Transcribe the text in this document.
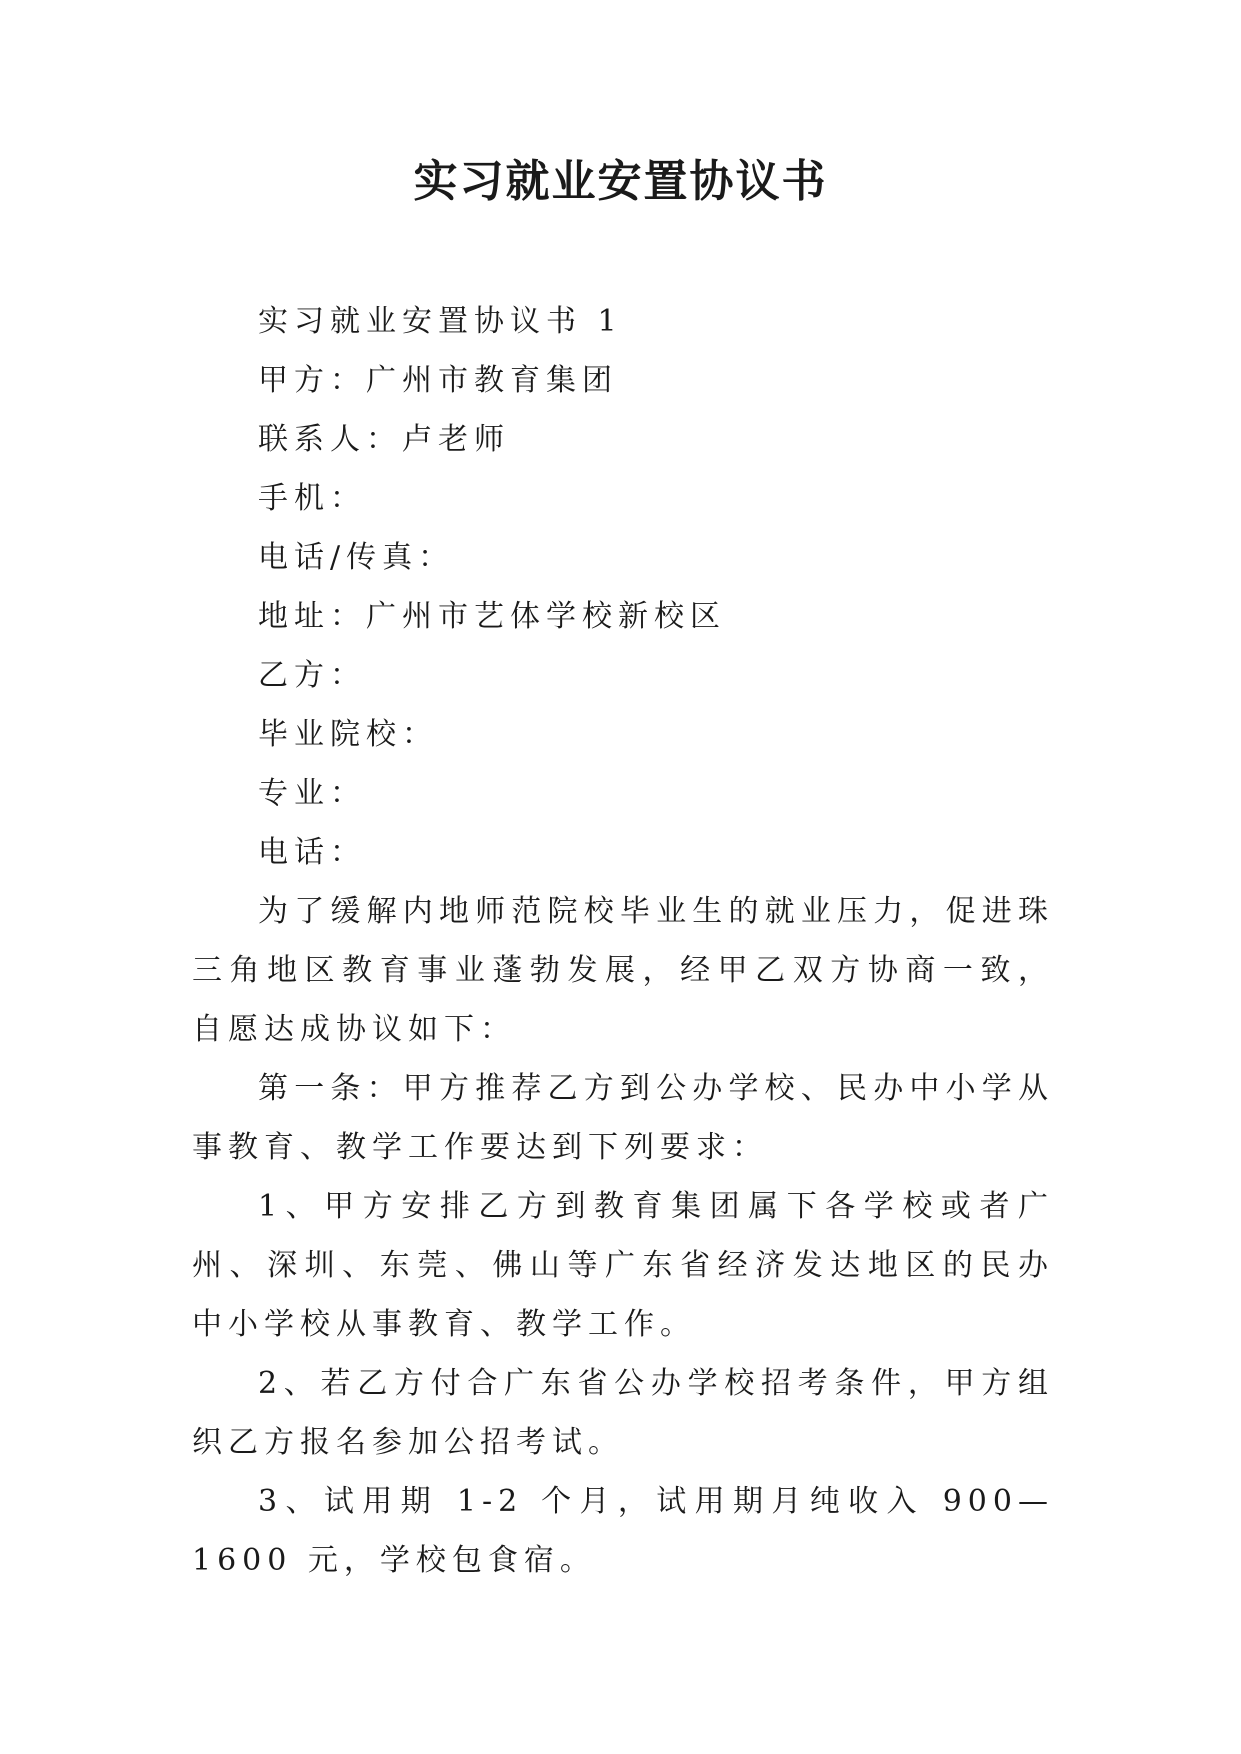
实习就业安置协议书

实习就业安置协议书 1

甲方：广州市教育集团

联系人：卢老师

手机：

电话/传真：

地址：广州市艺体学校新校区

乙方：

毕业院校：

专业：

电话：

为了缓解内地师范院校毕业生的就业压力，促进珠三角地区教育事业蓬勃发展，经甲乙双方协商一致，自愿达成协议如下：

第一条：甲方推荐乙方到公办学校、民办中小学从事教育、教学工作要达到下列要求：

1、甲方安排乙方到教育集团属下各学校或者广州、深圳、东莞、佛山等广东省经济发达地区的民办中小学校从事教育、教学工作。

2、若乙方付合广东省公办学校招考条件，甲方组织乙方报名参加公招考试。

3、试用期 1-2 个月，试用期月纯收入 900—1600 元，学校包食宿。
